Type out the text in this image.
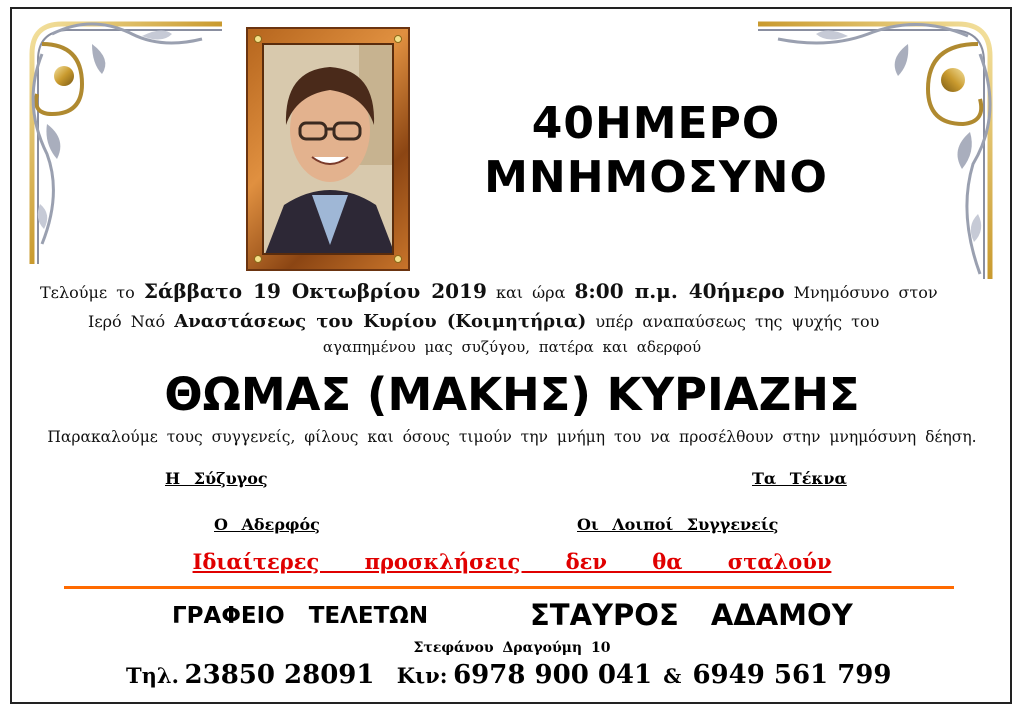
40ΗΜΕΡΟ
ΜΝΗΜΟΣΥΝΟ
Τελούμε το Σάββατο 19 Οκτωβρίου 2019 και ώρα 8:00 π.μ. 40ήμερο Μνημόσυνο στον
Ιερό Ναό Αναστάσεως του Κυρίου (Κοιμητήρια) υπέρ αναπαύσεως της ψυχής του
αγαπημένου μας συζύγου, πατέρα και αδερφού
ΘΩΜΑΣ (ΜΑΚΗΣ) ΚΥΡΙΑΖΗΣ
Παρακαλούμε τους συγγενείς, φίλους και όσους τιμούν την μνήμη του να προσέλθουν στην μνημόσυνη δέηση.
Η Σύζυγος	Τα Τέκνα
Ο Αδερφός	Οι Λοιποί Συγγενείς
Ιδιαίτερες προσκλήσεις δεν θα σταλούν
ΓΡΑΦΕΙΟ ΤΕΛΕΤΩΝ	ΣΤΑΥΡΟΣ ΑΔΑΜΟΥ
Στεφάνου Δραγούμη 10
Τηλ. 23850 28091 Κιν: 6978 900 041 & 6949 561 799
